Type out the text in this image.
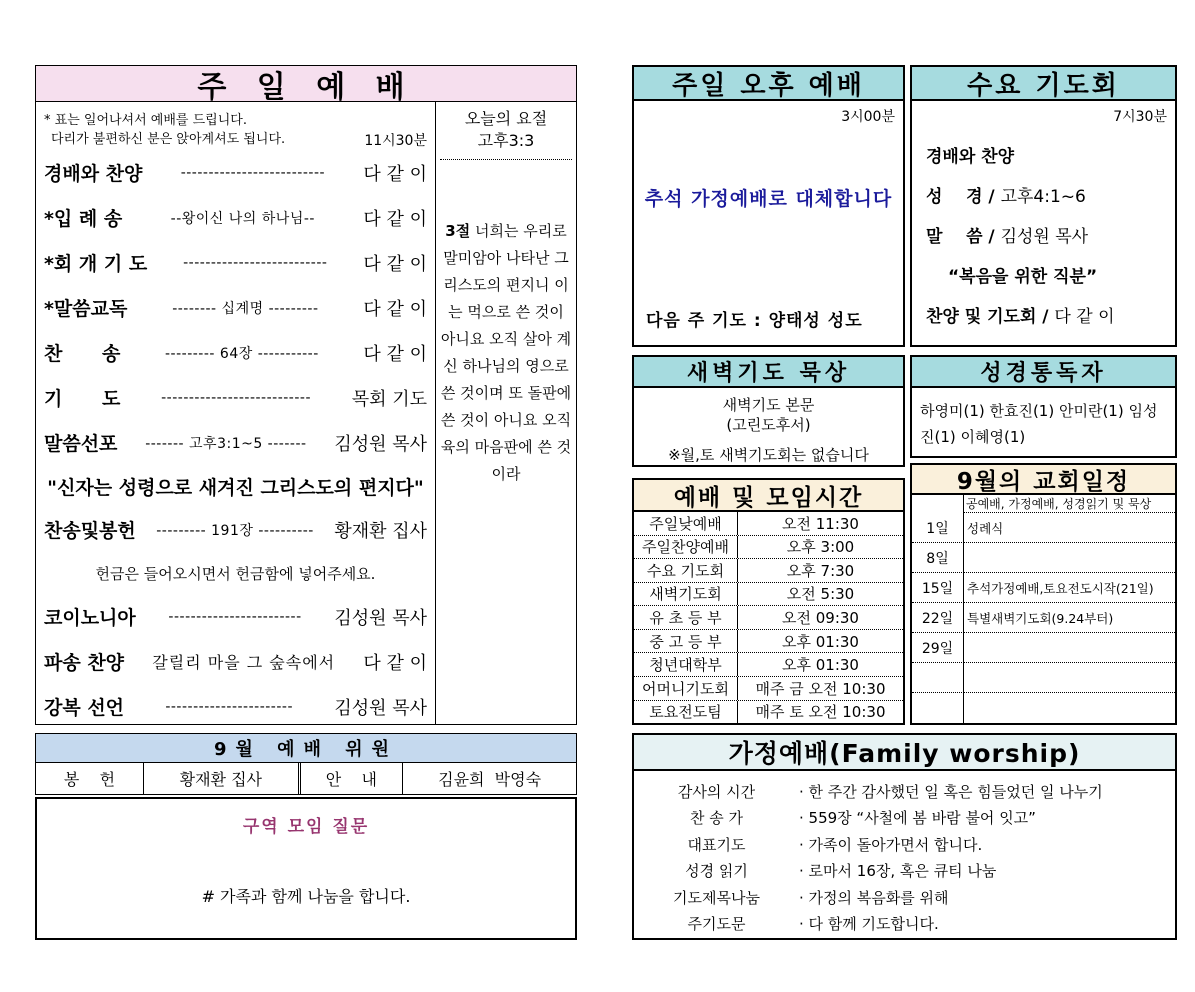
주 일 예 배
* 표는 일어나셔서 예배를 드립니다.
다리가 불편하신 분은 앉아계셔도 됩니다.	11시30분
경배와 찬양	--------------------------	다 같 이
*입 례 송	--왕이신 나의 하나님--	다 같 이
*회 개 기 도	--------------------------	다 같 이
*말씀교독	-------- 십계명 ---------	다 같 이
찬      송	--------- 64장 -----------	다 같 이
기      도	---------------------------	목회 기도
말씀선포	------- 고후3:1~5 -------	김성원 목사
"신자는 성령으로 새겨진 그리스도의 편지다"
찬송및봉헌	--------- 191장 ----------	황재환 집사
헌금은 들어오시면서 헌금함에 넣어주세요.
코이노니아	------------------------	김성원 목사
파송 찬양	갈릴리 마을 그 숲속에서	다 같 이
강복 선언	-----------------------	김성원 목사
오늘의 요절
고후3:3
3절 너희는 우리로 말미암아 나타난 그리스도의 편지니 이는 먹으로 쓴 것이 아니요 오직 살아 계신 하나님의 영으로 쓴 것이며 또 돌판에 쓴 것이 아니요 오직 육의 마음판에 쓴 것이라
9월 예배 위원
봉    헌	황재환 집사	안    내	김윤희  박영숙
구역 모임 질문
# 가족과 함께 나눔을 합니다.
주일 오후 예배
3시00분
추석 가정예배로 대체합니다
다음 주 기도 : 양태성 성도
수요 기도회
7시30분
경배와 찬양
성    경 / 고후4:1~6
말    씀 / 김성원 목사
“복음을 위한 직분”
찬양 및 기도회 / 다 같 이
새벽기도 묵상
새벽기도 본문
(고린도후서)
※월,토 새벽기도회는 없습니다
성경통독자
하영미(1) 한효진(1) 안미란(1) 임성진(1) 이혜영(1)
예배 및 모임시간
주일낮예배	오전 11:30
주일찬양예배	오후 3:00
수요 기도회	오후 7:30
새벽기도회	오전 5:30
유 초 등 부	오전 09:30
중 고 등 부	오후 01:30
청년대학부	오후 01:30
어머니기도회	매주 금 오전 10:30
토요전도팀	매주 토 오전 10:30
9월의 교회일정
공예배, 가정예배, 성경읽기 및 묵상
1일	성례식
8일
15일	추석가정예배,토요전도시작(21일)
22일	특별새벽기도회(9.24부터)
29일
가정예배(Family worship)
감사의 시간	· 한 주간 감사했던 일 혹은 힘들었던 일 나누기
찬 송 가	· 559장 “사철에 봄 바람 불어 잇고”
대표기도	· 가족이 돌아가면서 합니다.
성경 읽기	· 로마서 16장, 혹은 큐티 나눔
기도제목나눔	· 가정의 복음화를 위해
주기도문	· 다 함께 기도합니다.
